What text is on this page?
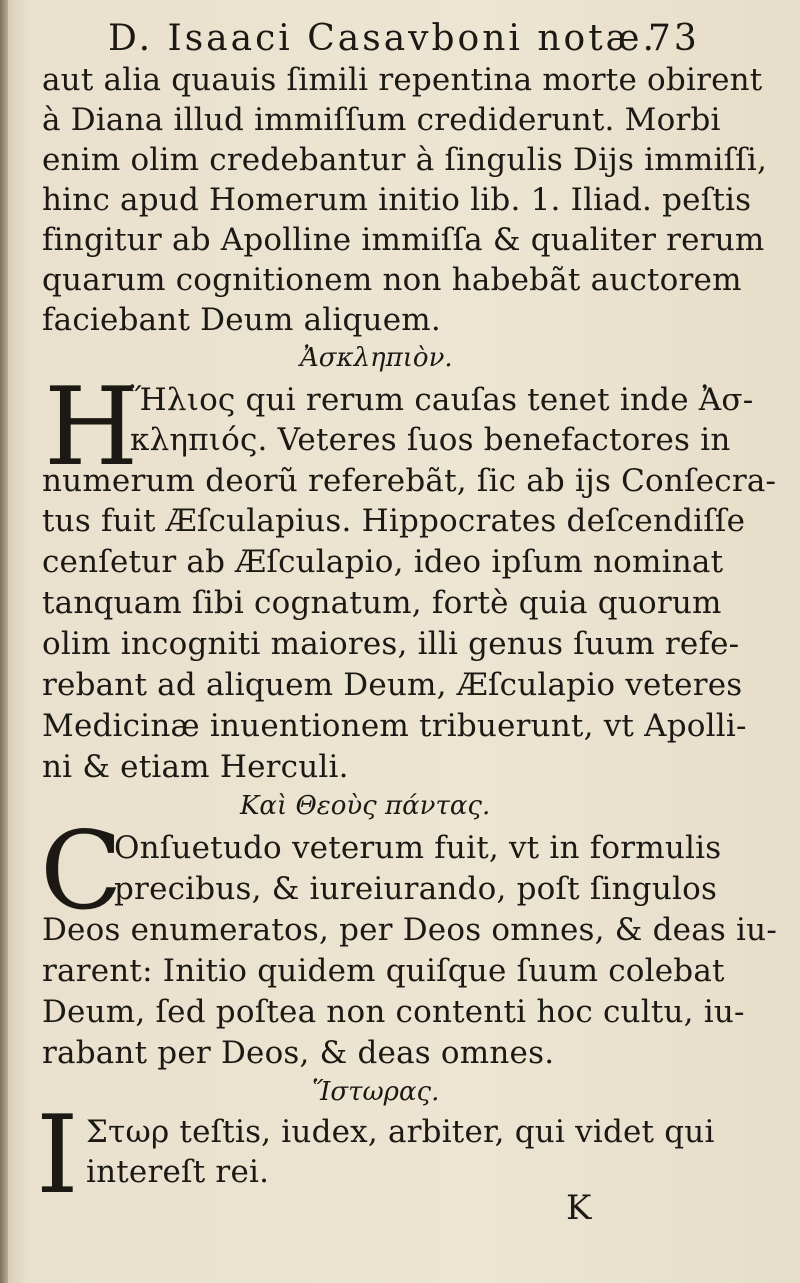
D. Isaaci Casavboni notæ.
73
aut alia quauis ſimili repentina morte obirent
à Diana illud immiſſum crediderunt. Morbi
enim olim credebantur à ſingulis Dijs immiſſi,
hinc apud Homerum initio lib. 1. Iliad. peſtis
fingitur ab Apolline immiſſa & qualiter rerum
quarum cognitionem non habebãt auctorem
faciebant Deum aliquem.
Ἀσκληπιὸν.
H
Ἥλιος qui rerum cauſas tenet inde Ἀσ-
κληπιός. Veteres ſuos benefactores in
numerum deorũ referebãt, ſic ab ijs Conſecra-
tus fuit Æſculapius. Hippocrates deſcendiſſe
cenſetur ab Æſculapio, ideo ipſum nominat
tanquam ſibi cognatum, fortè quia quorum
olim incogniti maiores, illi genus ſuum refe-
rebant ad aliquem Deum, Æſculapio veteres
Medicinæ inuentionem tribuerunt, vt Apolli-
ni & etiam Herculi.
Καὶ Θεοὺς πάντας.
C
Onſuetudo veterum fuit, vt in formulis
precibus, & iureiurando, poſt ſingulos
Deos enumeratos, per Deos omnes, & deas iu-
rarent: Initio quidem quiſque ſuum colebat
Deum, ſed poſtea non contenti hoc cultu, iu-
rabant per Deos, & deas omnes.
Ἵστωρας.
I Στωρ teſtis, iudex, arbiter, qui videt qui
intereſt rei.
K
